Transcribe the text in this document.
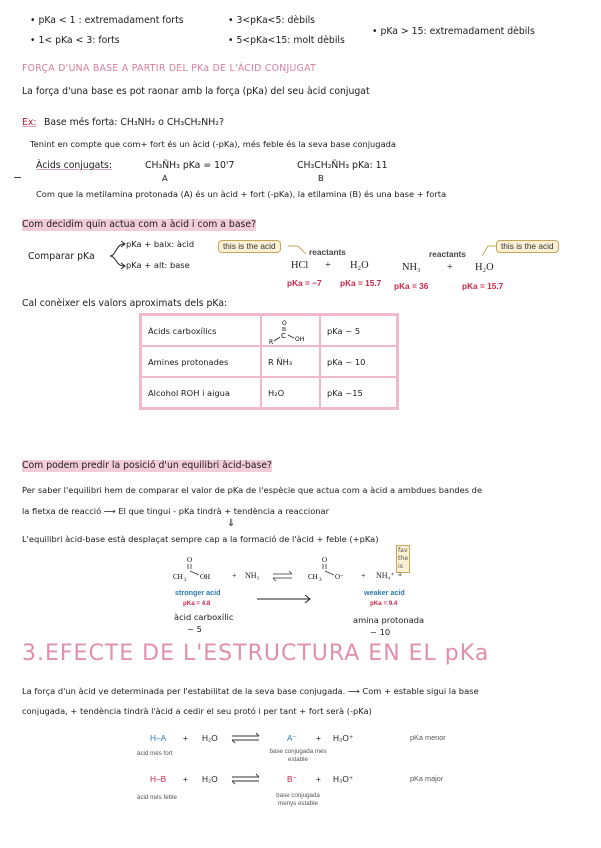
• pKa < 1 : extremadament forts
• 1< pKa < 3: forts
• 3<pKa<5: dèbils
• 5<pKa<15: molt dèbils
• pKa > 15: extremadament dèbils
FORÇA D'UNA BASE A PARTIR DEL PKa DE L'ÀCID CONJUGAT
La força d'una base es pot raonar amb la força (pKa) del seu àcid conjugat
Ex: Base més forta: CH₃NH₂ o CH₃CH₂NH₂?
Tenint en compte que com+ fort és un àcid (-pKa), més feble és la seva base conjugada
Àcids conjugats:	CH₃N̈H₃ pKa = 10'7
A
CH₃CH₂N̈H₃ pKa: 11
B
Com que la metilamina protonada (A) és un àcid + fort (-pKa), la etilamina (B) és una base + forta
Com decidim quin actua com a àcid i com a base?
Comparar pKa
pKa + baix: àcid
pKa + alt: base
this is the acid
reactants
HCl + H₂O
pKa = −7 pKa = 15.7
reactants
this is the acid
NH₃	+ H₂O
pKa = 36	pKa = 15.7
Cal conèixer els valors aproximats dels pKa:
Àcids carboxílics	O
C
R OH	pKa ~ 5
Amines protonades	R N̈H₃	pKa ~ 10
Alcohol ROH i aigua	H₂O	pKa ~15
Com podem predir la posició d'un equilibri àcid-base?
Per saber l'equilibri hem de comparar el valor de pKa de l'espècie que actua com a àcid a ambdues bandes de
la fletxa de reacció ⟶ El que tingui - pKa tindrà + tendència a reaccionar
⇓
L'equilibri àcid-base està desplaçat sempre cap a la formació de l'àcid + feble (+pKa)
O
CH 3 OH	+ NH₃ ⇌
O
CH 3 O⁻ + NH₄⁺
fav the is a
stronger acid
pKa = 4.8
weaker acid
pKa = 9.4
àcid carboxílic
~ 5
amina protonada
~ 10
3.EFECTE DE L'ESTRUCTURA EN EL pKa
La força d'un àcid ve determinada per l'estabilitat de la seva base conjugada. ⟶ Com + estable sigui la base
conjugada, + tendència tindrà l'àcid a cedir el seu protó i per tant + fort serà (-pKa)
H–A + H₂O	A⁻ + H₃O⁺	pKa menor
àcid més fort	base conjugada més estable
H–B + H₂O	B⁻ + H₃O⁺	pKa major
àcid més feble	base conjugada menys estable
